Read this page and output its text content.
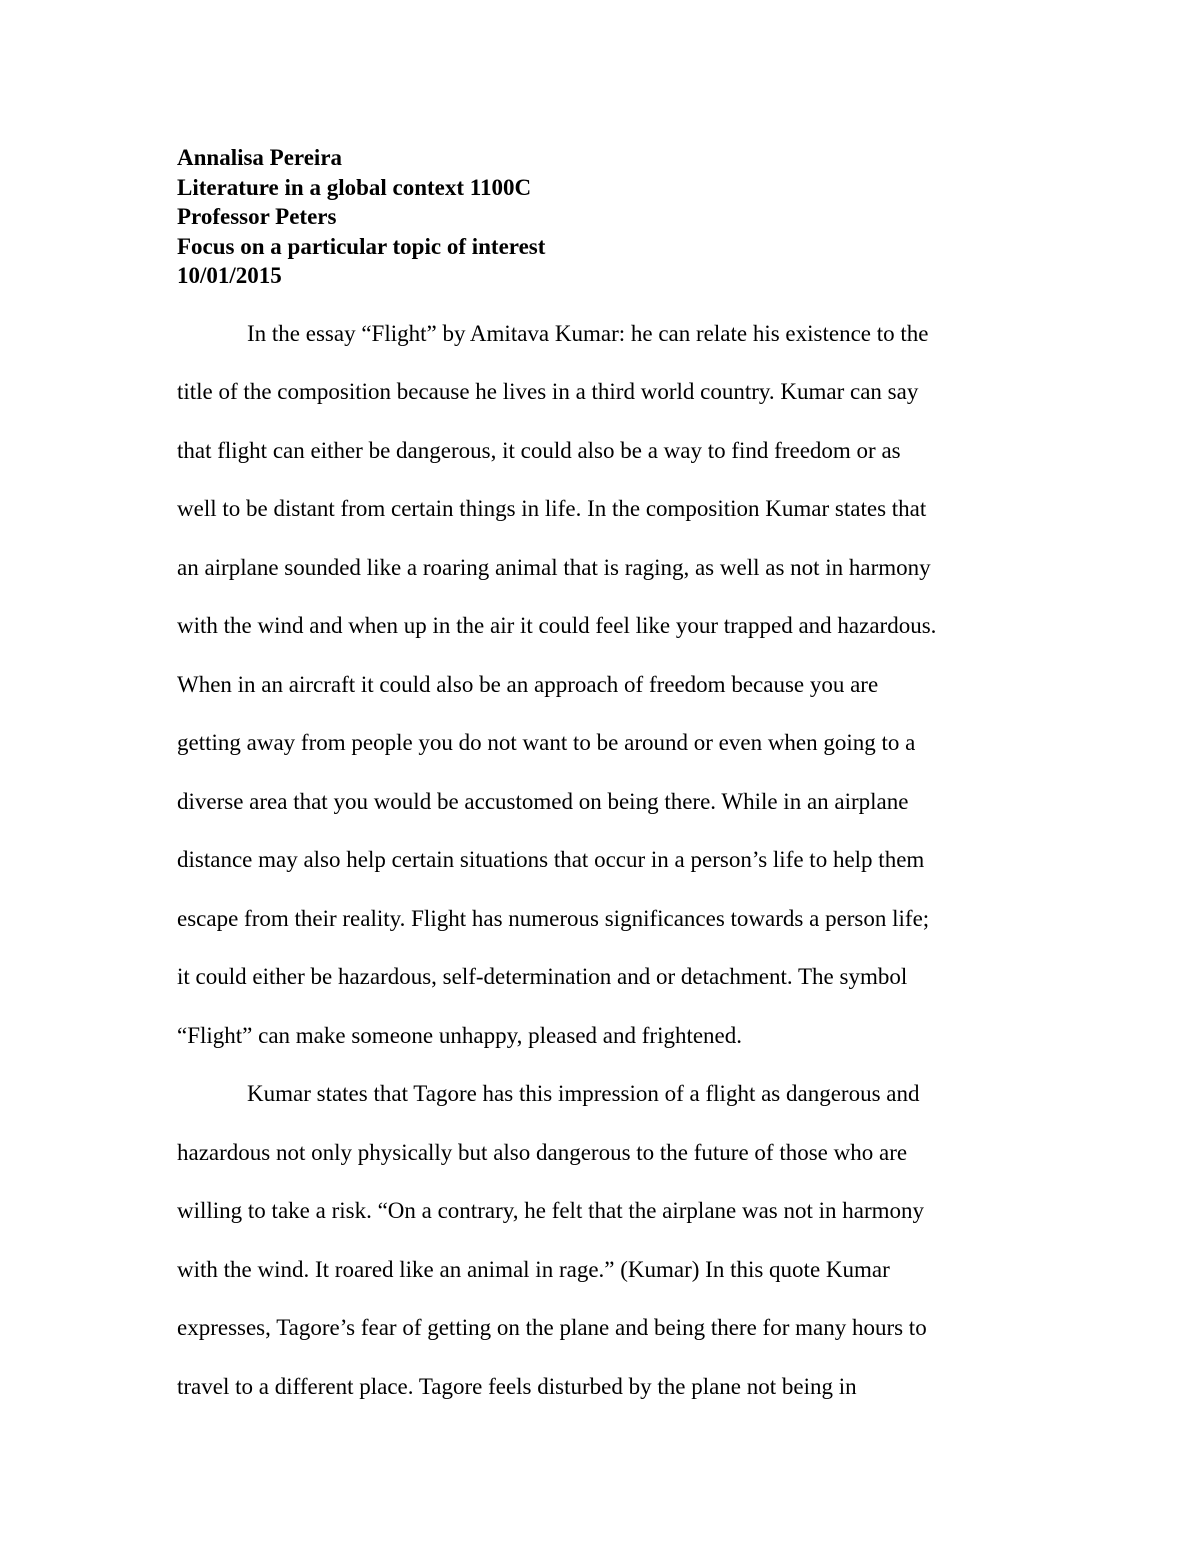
Annalisa Pereira
Literature in a global context 1100C
Professor Peters
Focus on a particular topic of interest
10/01/2015
In the essay “Flight” by Amitava Kumar: he can relate his existence to the
title of the composition because he lives in a third world country. Kumar can say
that flight can either be dangerous, it could also be a way to find freedom or as
well to be distant from certain things in life. In the composition Kumar states that
an airplane sounded like a roaring animal that is raging, as well as not in harmony
with the wind and when up in the air it could feel like your trapped and hazardous.
When in an aircraft it could also be an approach of freedom because you are
getting away from people you do not want to be around or even when going to a
diverse area that you would be accustomed on being there. While in an airplane
distance may also help certain situations that occur in a person’s life to help them
escape from their reality. Flight has numerous significances towards a person life;
it could either be hazardous, self-determination and or detachment. The symbol
“Flight” can make someone unhappy, pleased and frightened.
Kumar states that Tagore has this impression of a flight as dangerous and
hazardous not only physically but also dangerous to the future of those who are
willing to take a risk. “On a contrary, he felt that the airplane was not in harmony
with the wind. It roared like an animal in rage.” (Kumar) In this quote Kumar
expresses, Tagore’s fear of getting on the plane and being there for many hours to
travel to a different place. Tagore feels disturbed by the plane not being in
